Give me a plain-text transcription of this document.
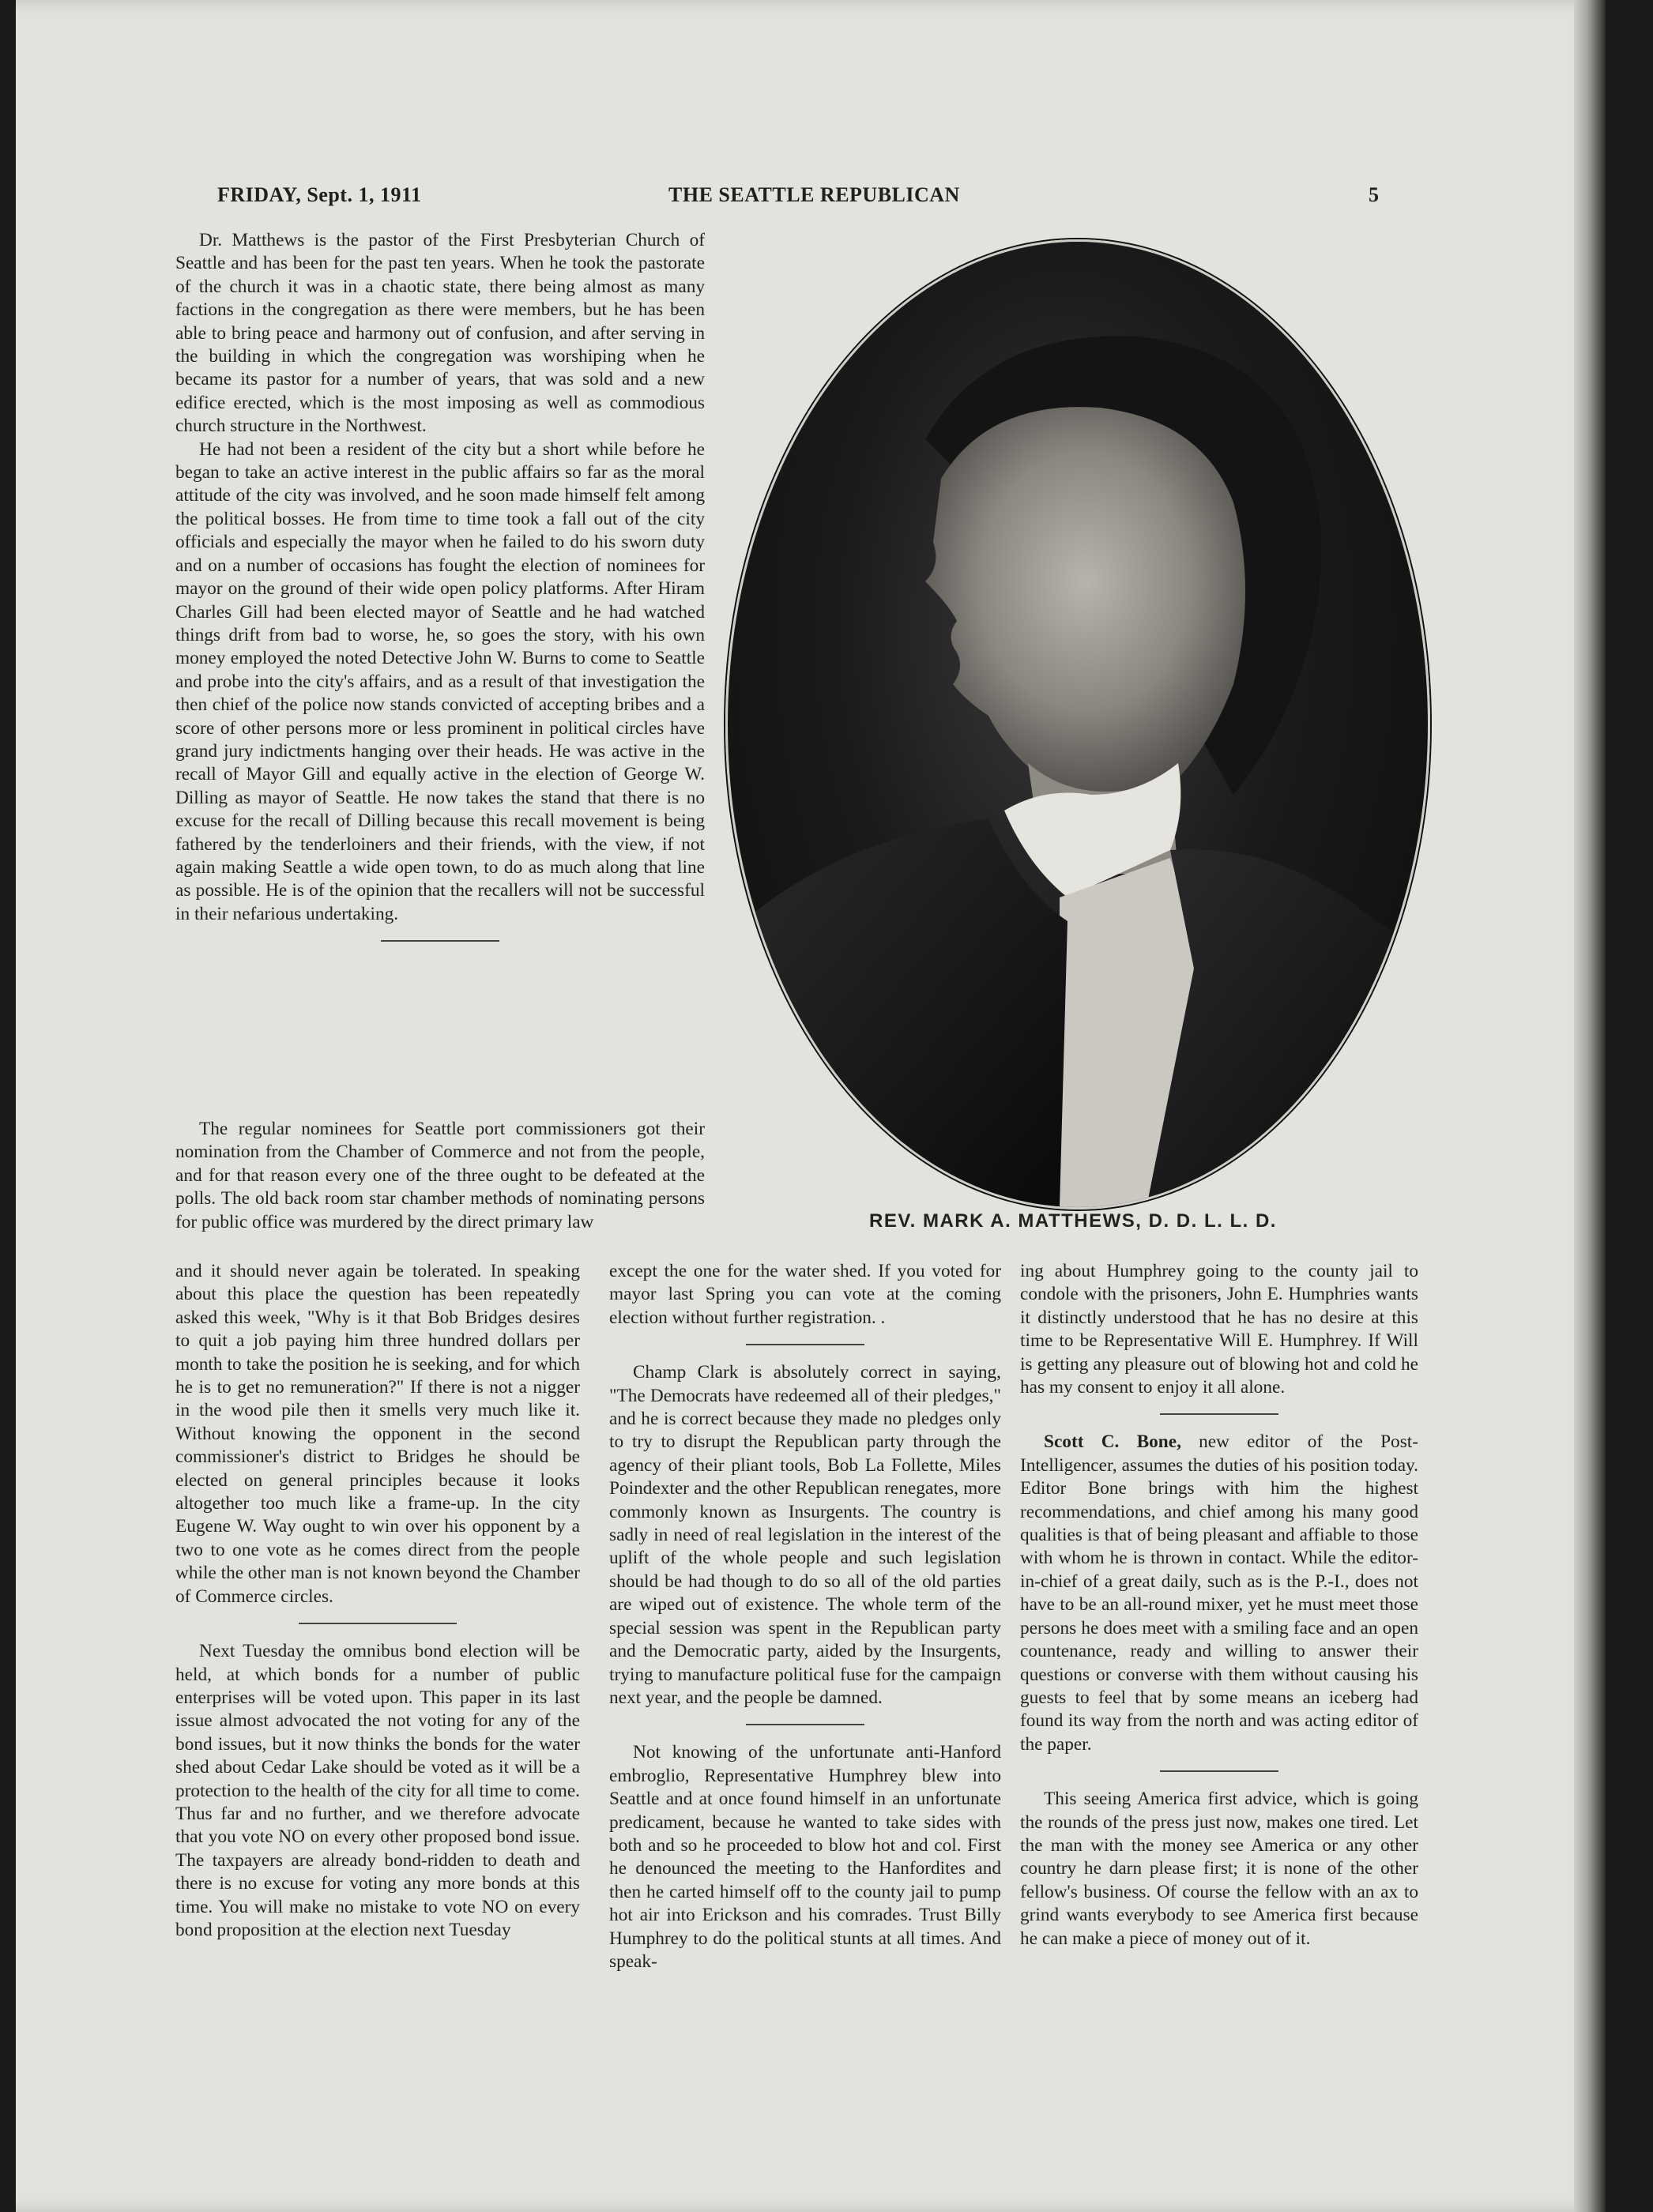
FRIDAY, Sept. 1, 1911	THE SEATTLE REPUBLICAN	5

Dr. Matthews is the pastor of the First Presbyterian Church of Seattle and has been for the past ten years. When he took the pastorate of the church it was in a chaotic state, there being almost as many factions in the congregation as there were members, but he has been able to bring peace and harmony out of confusion, and after serving in the building in which the congregation was worshiping when he became its pastor for a number of years, that was sold and a new edifice erected, which is the most imposing as well as commodious church structure in the Northwest.

He had not been a resident of the city but a short while before he began to take an active interest in the public affairs so far as the moral attitude of the city was involved, and he soon made himself felt among the political bosses. He from time to time took a fall out of the city officials and especially the mayor when he failed to do his sworn duty and on a number of occasions has fought the election of nominees for mayor on the ground of their wide open policy platforms. After Hiram Charles Gill had been elected mayor of Seattle and he had watched things drift from bad to worse, he, so goes the story, with his own money employed the noted Detective John W. Burns to come to Seattle and probe into the city's affairs, and as a result of that investigation the then chief of the police now stands convicted of accepting bribes and a score of other persons more or less prominent in political circles have grand jury indictments hanging over their heads. He was active in the recall of Mayor Gill and equally active in the election of George W. Dilling as mayor of Seattle. He now takes the stand that there is no excuse for the recall of Dilling because this recall movement is being fathered by the tenderloiners and their friends, with the view, if not again making Seattle a wide open town, to do as much along that line as possible. He is of the opinion that the recallers will not be successful in their nefarious undertaking.

The regular nominees for Seattle port commissioners got their nomination from the Chamber of Commerce and not from the people, and for that reason every one of the three ought to be defeated at the polls. The old back room star chamber methods of nominating persons for public office was murdered by the direct primary law

and it should never again be tolerated. In speaking about this place the question has been repeatedly asked this week, "Why is it that Bob Bridges desires to quit a job paying him three hundred dollars per month to take the position he is seeking, and for which he is to get no remuneration?" If there is not a nigger in the wood pile then it smells very much like it. Without knowing the opponent in the second commissioner's district to Bridges he should be elected on general principles because it looks altogether too much like a frame-up. In the city Eugene W. Way ought to win over his opponent by a two to one vote as he comes direct from the people while the other man is not known beyond the Chamber of Commerce circles.

Next Tuesday the omnibus bond election will be held, at which bonds for a number of public enterprises will be voted upon. This paper in its last issue almost advocated the not voting for any of the bond issues, but it now thinks the bonds for the water shed about Cedar Lake should be voted as it will be a protection to the health of the city for all time to come. Thus far and no further, and we therefore advocate that you vote NO on every other proposed bond issue. The taxpayers are already bond-ridden to death and there is no excuse for voting any more bonds at this time. You will make no mistake to vote NO on every bond proposition at the election next Tuesday

REV. MARK A. MATTHEWS, D. D. L. L. D.

except the one for the water shed. If you voted for mayor last Spring you can vote at the coming election without further registration. .

Champ Clark is absolutely correct in saying, "The Democrats have redeemed all of their pledges," and he is correct because they made no pledges only to try to disrupt the Republican party through the agency of their pliant tools, Bob La Follette, Miles Poindexter and the other Republican renegates, more commonly known as Insurgents. The country is sadly in need of real legislation in the interest of the uplift of the whole people and such legislation should be had though to do so all of the old parties are wiped out of existence. The whole term of the special session was spent in the Republican party and the Democratic party, aided by the Insurgents, trying to manufacture political fuse for the campaign next year, and the people be damned.

Not knowing of the unfortunate anti-Hanford embroglio, Representative Humphrey blew into Seattle and at once found himself in an unfortunate predicament, because he wanted to take sides with both and so he proceeded to blow hot and col. First he denounced the meeting to the Hanfordites and then he carted himself off to the county jail to pump hot air into Erickson and his comrades. Trust Billy Humphrey to do the political stunts at all times. And speak-

ing about Humphrey going to the county jail to condole with the prisoners, John E. Humphries wants it distinctly understood that he has no desire at this time to be Representative Will E. Humphrey. If Will is getting any pleasure out of blowing hot and cold he has my consent to enjoy it all alone.

Scott C. Bone, new editor of the Post-Intelligencer, assumes the duties of his position today. Editor Bone brings with him the highest recommendations, and chief among his many good qualities is that of being pleasant and affiable to those with whom he is thrown in contact. While the editor-in-chief of a great daily, such as is the P.-I., does not have to be an all-round mixer, yet he must meet those persons he does meet with a smiling face and an open countenance, ready and willing to answer their questions or converse with them without causing his guests to feel that by some means an iceberg had found its way from the north and was acting editor of the paper.

This seeing America first advice, which is going the rounds of the press just now, makes one tired. Let the man with the money see America or any other country he darn please first; it is none of the other fellow's business. Of course the fellow with an ax to grind wants everybody to see America first because he can make a piece of money out of it.
